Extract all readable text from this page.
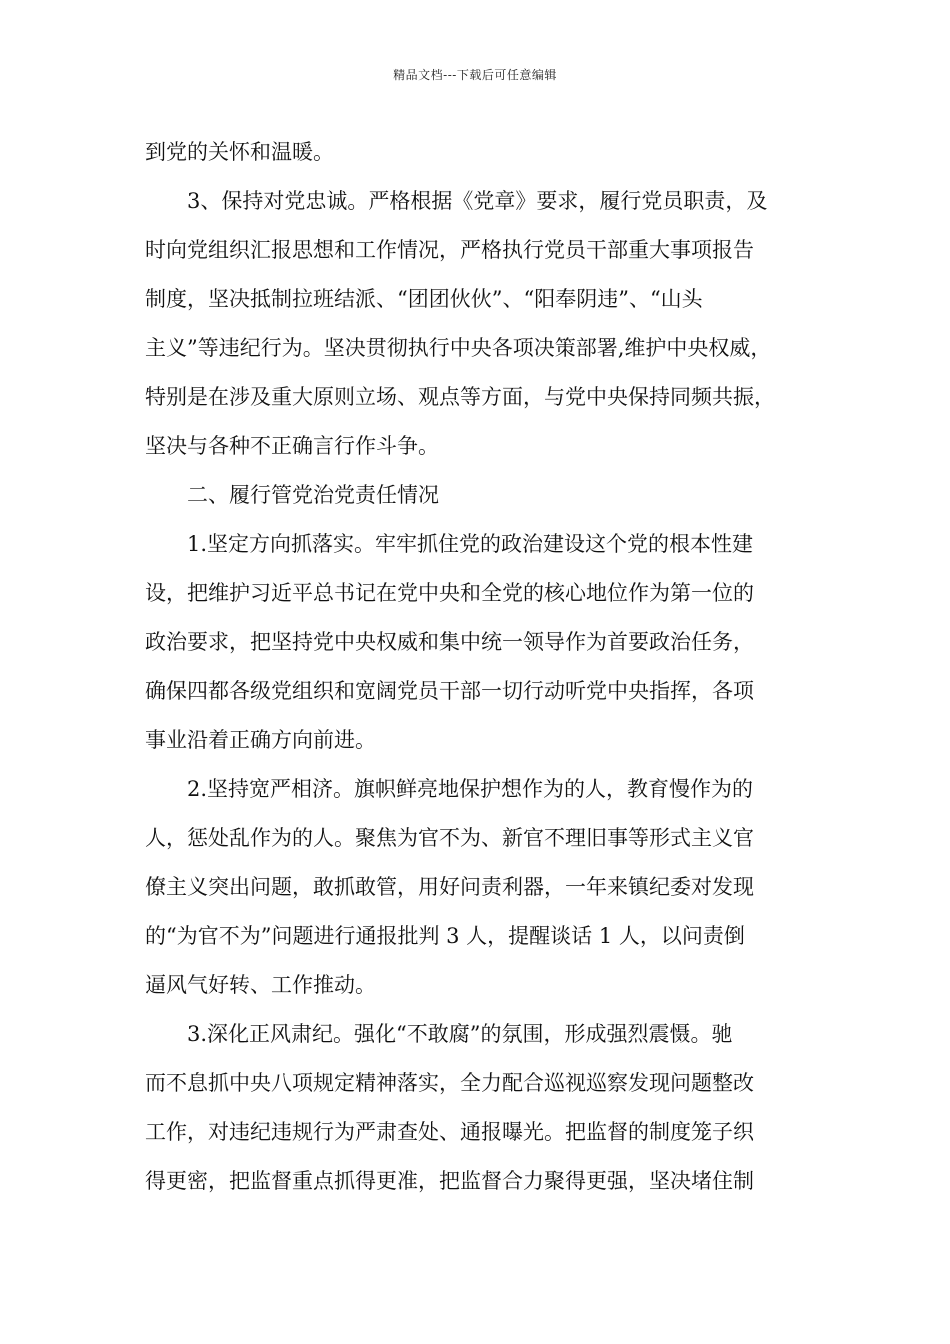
精品文档---下载后可任意编辑
到党的关怀和温暖。
3、保持对党忠诚。严格根据《党章》要求，履行党员职责，及
时向党组织汇报思想和工作情况，严格执行党员干部重大事项报告
制度，坚决抵制拉班结派、“团团伙伙”、“阳奉阴违”、“山头
主义”等违纪行为。坚决贯彻执行中央各项决策部署,维护中央权威，
特别是在涉及重大原则立场、观点等方面，与党中央保持同频共振，
坚决与各种不正确言行作斗争。
二、履行管党治党责任情况
1.坚定方向抓落实。牢牢抓住党的政治建设这个党的根本性建
设，把维护习近平总书记在党中央和全党的核心地位作为第一位的
政治要求，把坚持党中央权威和集中统一领导作为首要政治任务，
确保四都各级党组织和宽阔党员干部一切行动听党中央指挥，各项
事业沿着正确方向前进。
2.坚持宽严相济。旗帜鲜亮地保护想作为的人，教育慢作为的
人，惩处乱作为的人。聚焦为官不为、新官不理旧事等形式主义官
僚主义突出问题，敢抓敢管，用好问责利器，一年来镇纪委对发现
的“为官不为”问题进行通报批判 3 人，提醒谈话 1 人，以问责倒
逼风气好转、工作推动。
3.深化正风肃纪。强化“不敢腐”的氛围，形成强烈震慑。驰
而不息抓中央八项规定精神落实，全力配合巡视巡察发现问题整改
工作，对违纪违规行为严肃查处、通报曝光。把监督的制度笼子织
得更密，把监督重点抓得更准，把监督合力聚得更强，坚决堵住制
